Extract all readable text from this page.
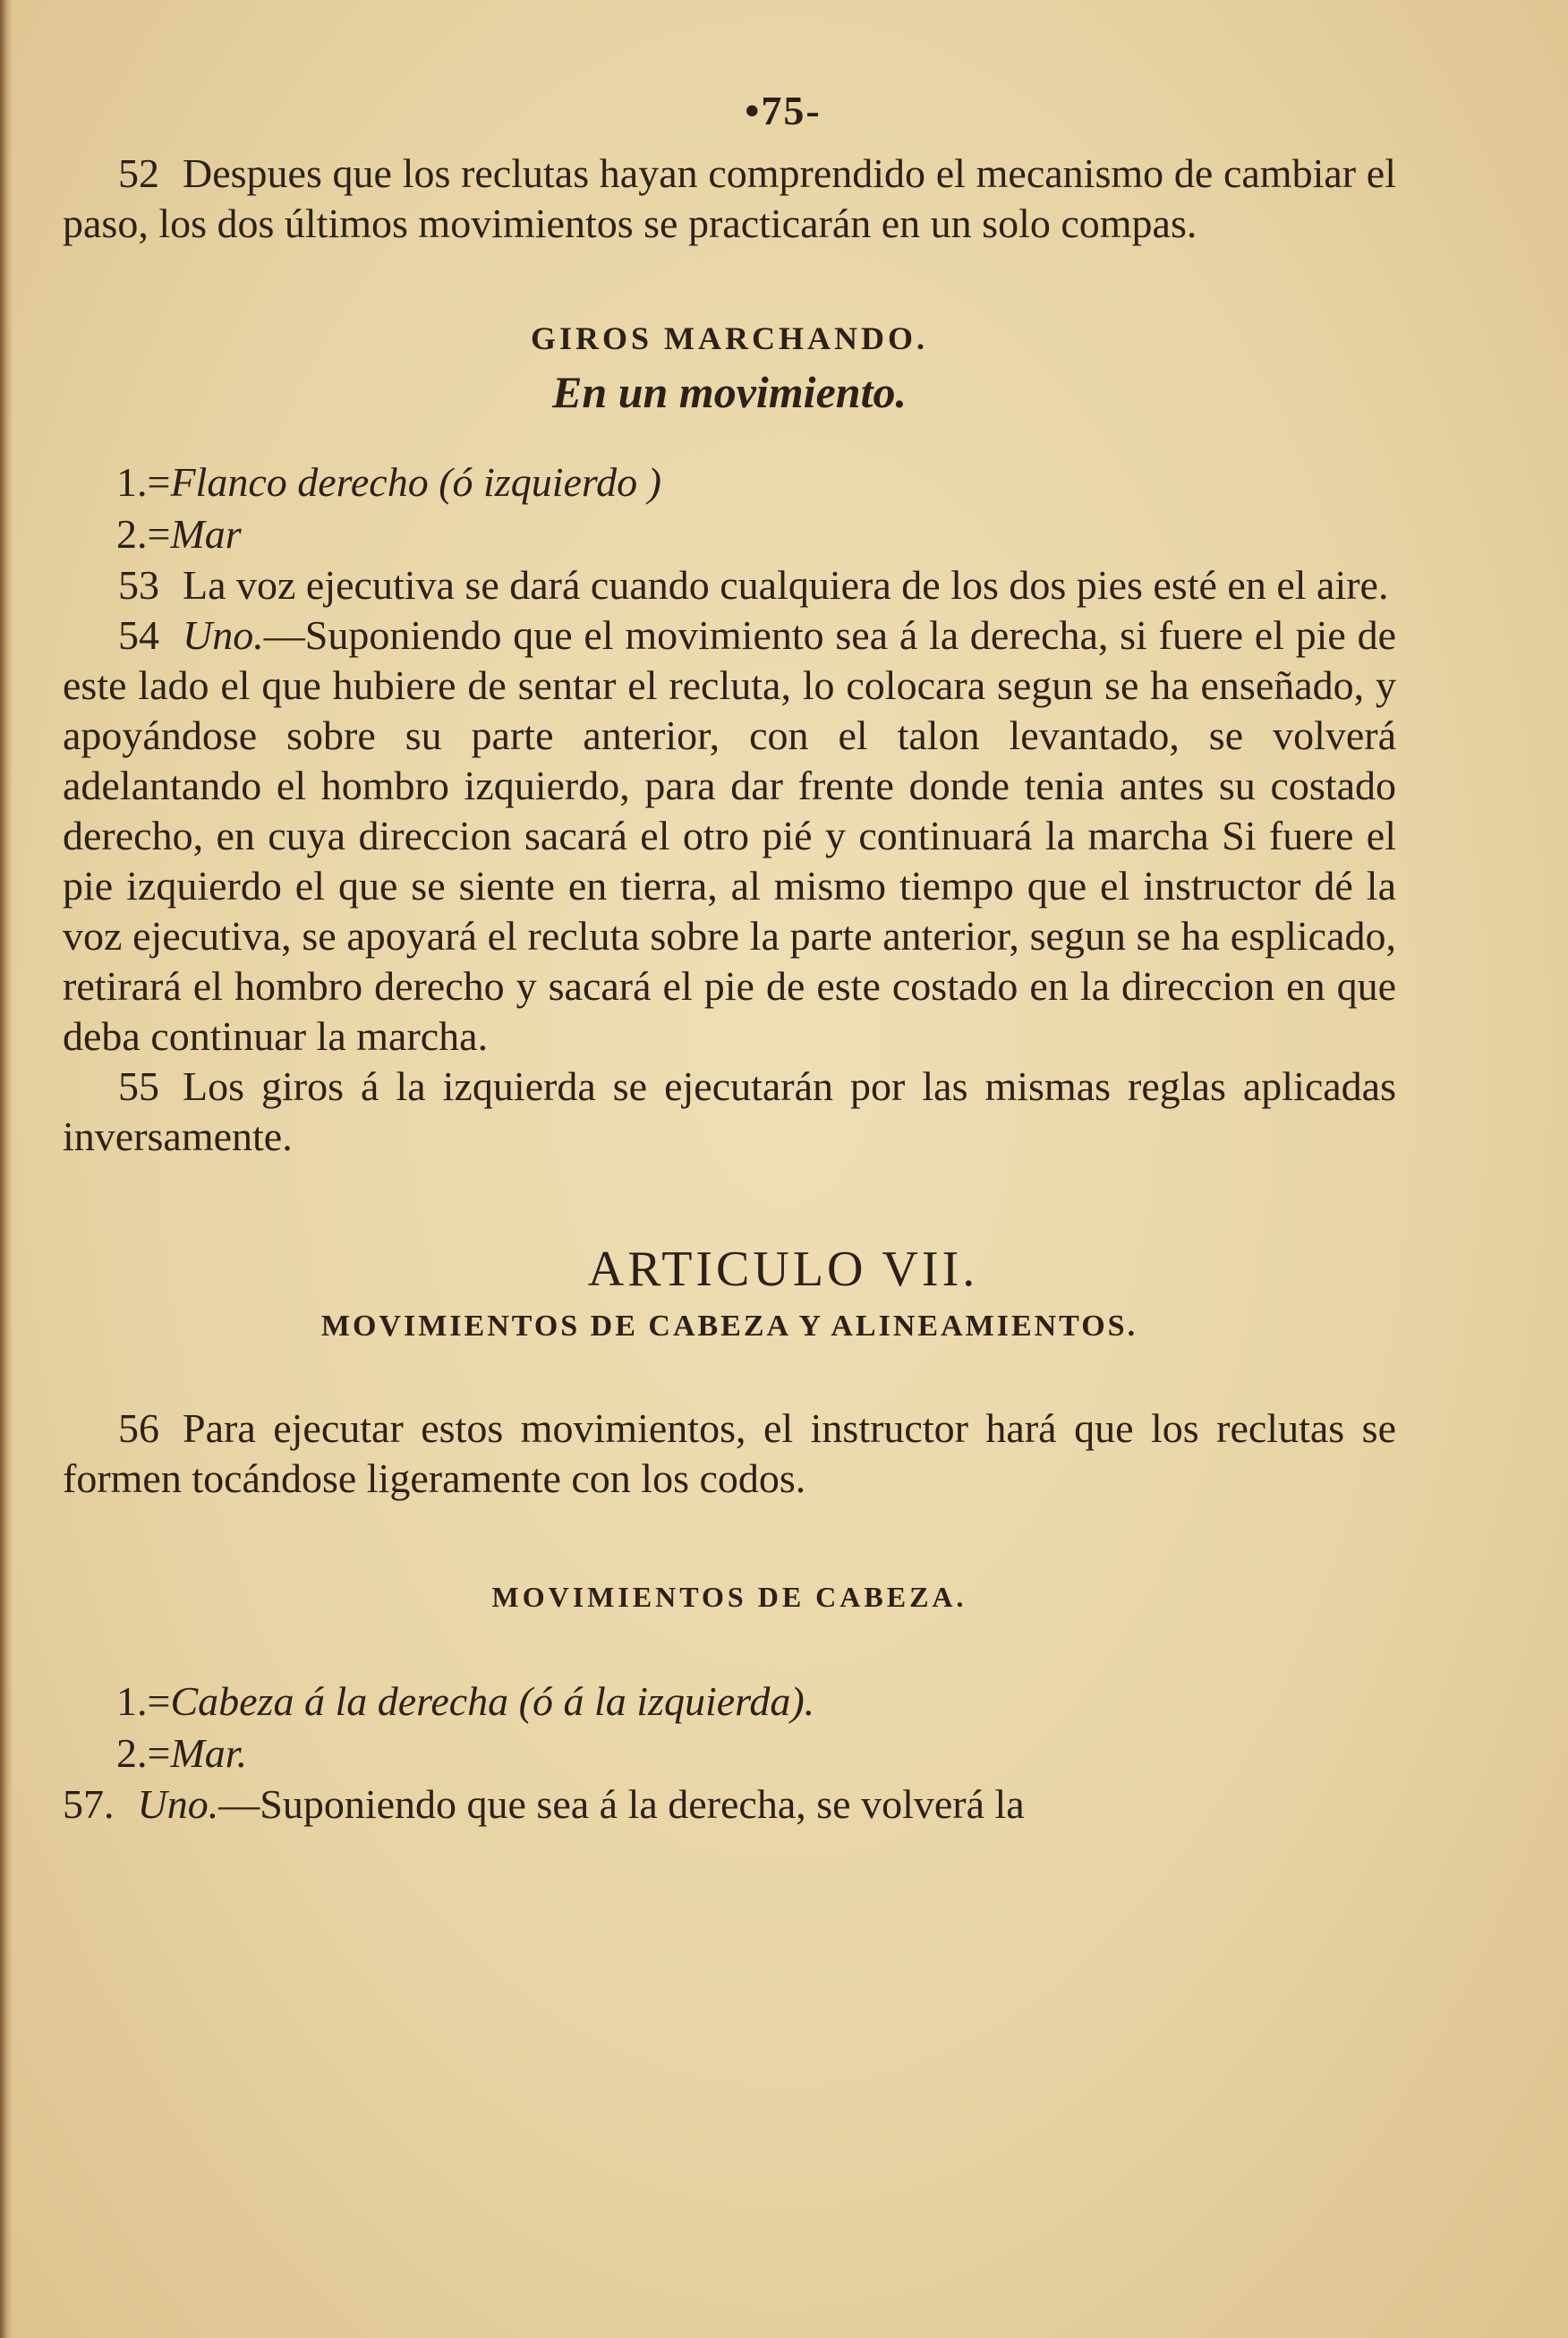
•75-

52 Despues que los reclutas hayan comprendido el mecanismo de cambiar el paso, los dos últimos movimientos se practicarán en un solo compas.

GIROS MARCHANDO.
En un movimiento.
1.=Flanco derecho (ó izquierdo )
2.=Mar

53 La voz ejecutiva se dará cuando cualquiera de los dos pies esté en el aire.

54 Uno.—Suponiendo que el movimiento sea á la derecha, si fuere el pie de este lado el que hubiere de sentar el recluta, lo colocara segun se ha enseñado, y apoyándose sobre su parte anterior, con el talon levantado, se volverá adelantando el hombro izquierdo, para dar frente donde tenia antes su costado derecho, en cuya direccion sacará el otro pié y continuará la marcha Si fuere el pie izquierdo el que se siente en tierra, al mismo tiempo que el instructor dé la voz ejecutiva, se apoyará el recluta sobre la parte anterior, segun se ha esplicado, retirará el hombro derecho y sacará el pie de este costado en la direccion en que deba continuar la marcha.

55 Los giros á la izquierda se ejecutarán por las mismas reglas aplicadas inversamente.

ARTICULO VII.
MOVIMIENTOS DE CABEZA Y ALINEAMIENTOS.

56 Para ejecutar estos movimientos, el instructor hará que los reclutas se formen tocándose ligeramente con los codos.

MOVIMIENTOS DE CABEZA.
1.=Cabeza á la derecha (ó á la izquierda).
2.=Mar.

57. Uno.—Suponiendo que sea á la derecha, se volverá la
